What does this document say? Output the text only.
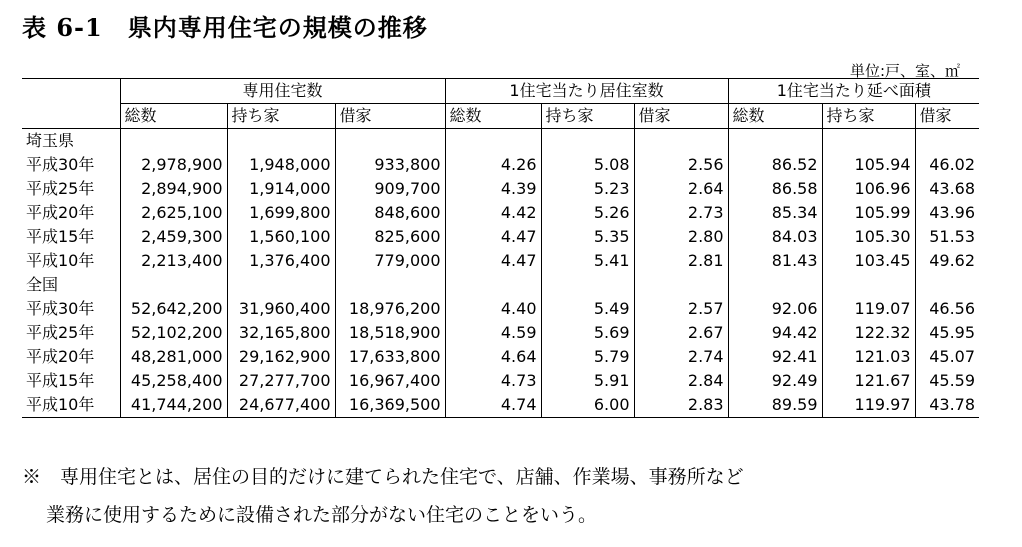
表 6-1　県内専用住宅の規模の推移
単位:戸、室、㎡
	専用住宅数			1住宅当たり居住室数			1住宅当たり延べ面積		
	総数	持ち家	借家	総数	持ち家	借家	総数	持ち家	借家
埼玉県									
平成30年	2,978,900	1,948,000	933,800	4.26	5.08	2.56	86.52	105.94	46.02
平成25年	2,894,900	1,914,000	909,700	4.39	5.23	2.64	86.58	106.96	43.68
平成20年	2,625,100	1,699,800	848,600	4.42	5.26	2.73	85.34	105.99	43.96
平成15年	2,459,300	1,560,100	825,600	4.47	5.35	2.80	84.03	105.30	51.53
平成10年	2,213,400	1,376,400	779,000	4.47	5.41	2.81	81.43	103.45	49.62
全国									
平成30年	52,642,200	31,960,400	18,976,200	4.40	5.49	2.57	92.06	119.07	46.56
平成25年	52,102,200	32,165,800	18,518,900	4.59	5.69	2.67	94.42	122.32	45.95
平成20年	48,281,000	29,162,900	17,633,800	4.64	5.79	2.74	92.41	121.03	45.07
平成15年	45,258,400	27,277,700	16,967,400	4.73	5.91	2.84	92.49	121.67	45.59
平成10年	41,744,200	24,677,400	16,369,500	4.74	6.00	2.83	89.59	119.97	43.78
※　専用住宅とは、居住の目的だけに建てられた住宅で、店舗、作業場、事務所など
業務に使用するために設備された部分がない住宅のことをいう。
